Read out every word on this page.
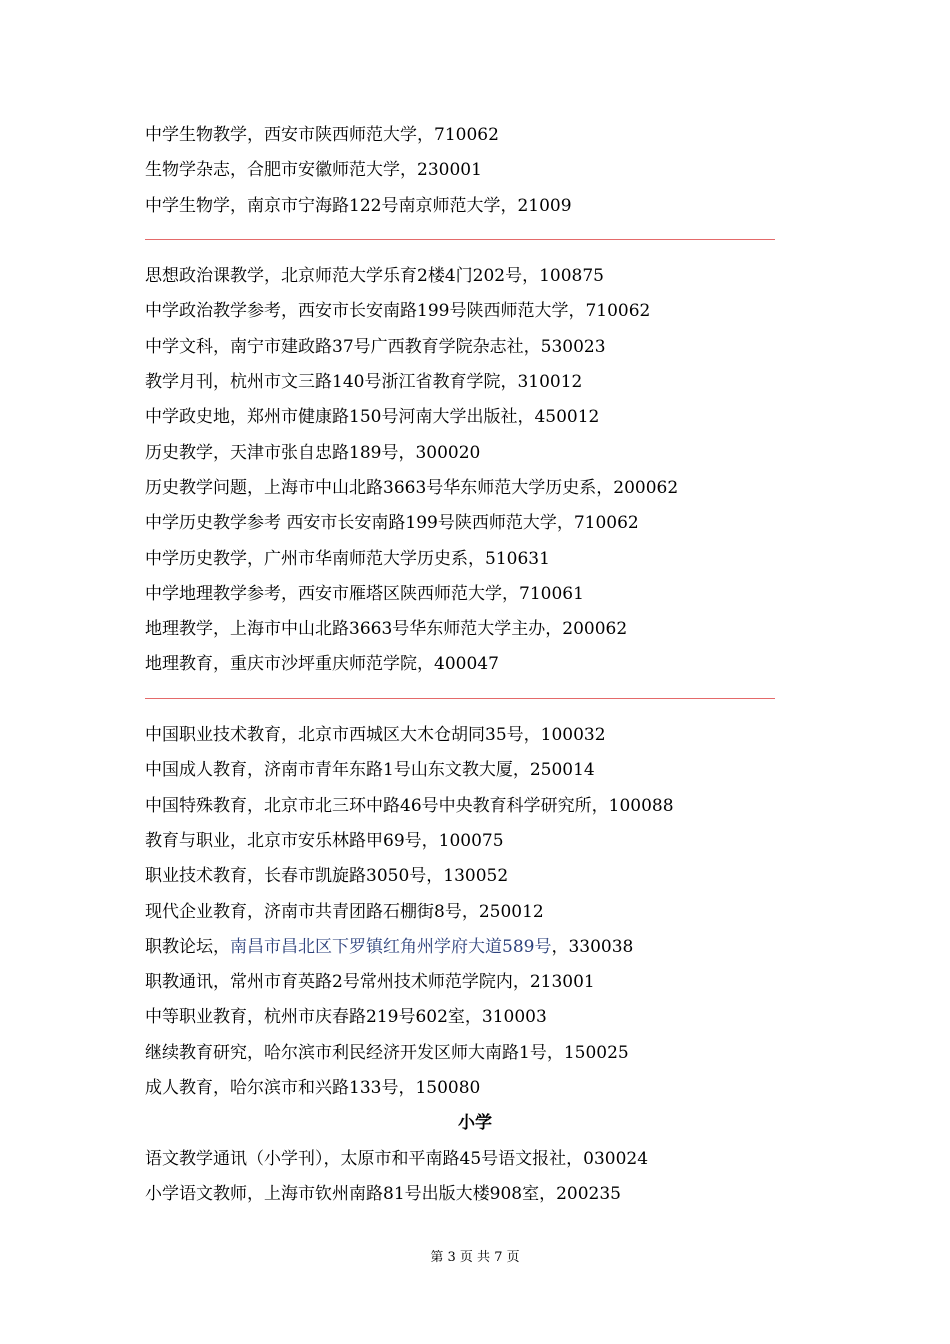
中学生物教学，西安市陕西师范大学，710062
生物学杂志，合肥市安徽师范大学，230001
中学生物学，南京市宁海路122号南京师范大学，21009
思想政治课教学，北京师范大学乐育2楼4门202号，100875
中学政治教学参考，西安市长安南路199号陕西师范大学，710062
中学文科，南宁市建政路37号广西教育学院杂志社，530023
教学月刊，杭州市文三路140号浙江省教育学院，310012
中学政史地，郑州市健康路150号河南大学出版社，450012
历史教学，天津市张自忠路189号，300020
历史教学问题，上海市中山北路3663号华东师范大学历史系，200062
中学历史教学参考 西安市长安南路199号陕西师范大学，710062
中学历史教学，广州市华南师范大学历史系，510631
中学地理教学参考，西安市雁塔区陕西师范大学，710061
地理教学，上海市中山北路3663号华东师范大学主办，200062
地理教育，重庆市沙坪重庆师范学院，400047
中国职业技术教育，北京市西城区大木仓胡同35号，100032
中国成人教育，济南市青年东路1号山东文教大厦，250014
中国特殊教育，北京市北三环中路46号中央教育科学研究所，100088
教育与职业，北京市安乐林路甲69号，100075
职业技术教育，长春市凯旋路3050号，130052
现代企业教育，济南市共青团路石棚街8号，250012
职教论坛，南昌市昌北区下罗镇红角州学府大道589号，330038
职教通讯，常州市育英路2号常州技术师范学院内，213001
中等职业教育，杭州市庆春路219号602室，310003
继续教育研究，哈尔滨市利民经济开发区师大南路1号，150025
成人教育，哈尔滨市和兴路133号，150080
小学
语文教学通讯（小学刊），太原市和平南路45号语文报社，030024
小学语文教师，上海市钦州南路81号出版大楼908室，200235
第 3 页 共 7 页
